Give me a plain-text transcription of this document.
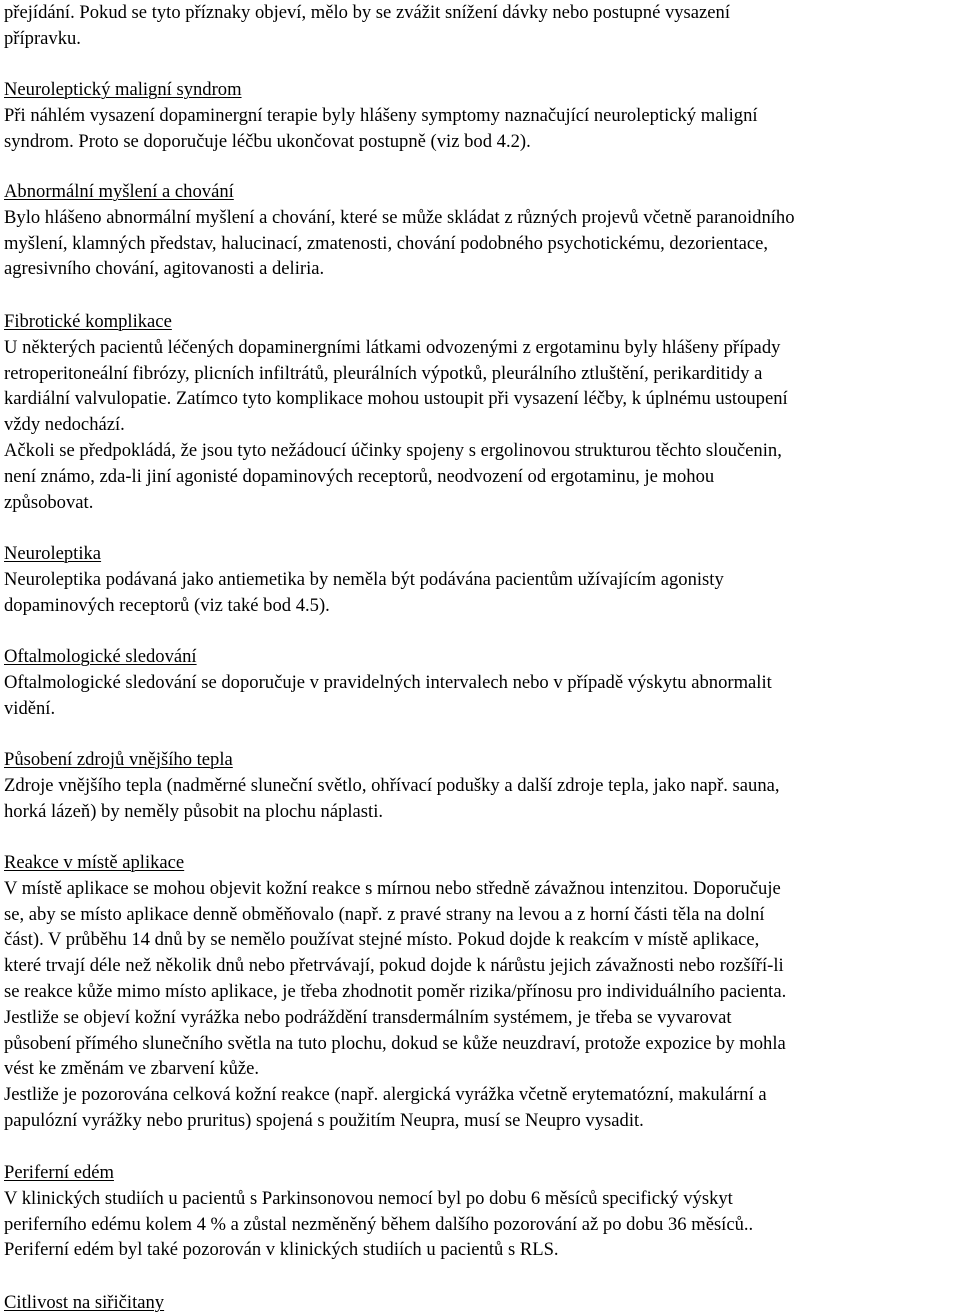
přejídání. Pokud se tyto příznaky objeví, mělo by se zvážit snížení dávky nebo postupné vysazení
přípravku.
Neuroleptický maligní syndrom
Při náhlém vysazení dopaminergní terapie byly hlášeny symptomy naznačující neuroleptický maligní
syndrom. Proto se doporučuje léčbu ukončovat postupně (viz bod 4.2).
Abnormální myšlení a chování
Bylo hlášeno abnormální myšlení a chování, které se může skládat z různých projevů včetně paranoidního
myšlení, klamných představ, halucinací, zmatenosti, chování podobného psychotickému, dezorientace,
agresivního chování, agitovanosti a deliria.
Fibrotické komplikace
U některých pacientů léčených dopaminergními látkami odvozenými z ergotaminu byly hlášeny případy
retroperitoneální fibrózy, plicních infiltrátů, pleurálních výpotků, pleurálního ztluštění, perikarditidy a
kardiální valvulopatie. Zatímco tyto komplikace mohou ustoupit při vysazení léčby, k úplnému ustoupení
vždy nedochází.
Ačkoli se předpokládá, že jsou tyto nežádoucí účinky spojeny s ergolinovou strukturou těchto sloučenin,
není známo, zda-li jiní agonisté dopaminových receptorů, neodvození od ergotaminu, je mohou
způsobovat.
Neuroleptika
Neuroleptika podávaná jako antiemetika by neměla být podávána pacientům užívajícím agonisty
dopaminových receptorů (viz také bod 4.5).
Oftalmologické sledování
Oftalmologické sledování se doporučuje v pravidelných intervalech nebo v případě výskytu abnormalit
vidění.
Působení zdrojů vnějšího tepla
Zdroje vnějšího tepla (nadměrné sluneční světlo, ohřívací podušky a další zdroje tepla, jako např. sauna,
horká lázeň) by neměly působit na plochu náplasti.
Reakce v místě aplikace
V místě aplikace se mohou objevit kožní reakce s mírnou nebo středně závažnou intenzitou. Doporučuje
se, aby se místo aplikace denně obměňovalo (např. z pravé strany na levou a z horní části těla na dolní
část). V průběhu 14 dnů by se nemělo používat stejné místo. Pokud dojde k reakcím v místě aplikace,
které trvají déle než několik dnů nebo přetrvávají, pokud dojde k nárůstu jejich závažnosti nebo rozšíří-li
se reakce kůže mimo místo aplikace, je třeba zhodnotit poměr rizika/přínosu pro individuálního pacienta.
Jestliže se objeví kožní vyrážka nebo podráždění transdermálním systémem, je třeba se vyvarovat
působení přímého slunečního světla na tuto plochu, dokud se kůže neuzdraví, protože expozice by mohla
vést ke změnám ve zbarvení kůže.
Jestliže je pozorována celková kožní reakce (např. alergická vyrážka včetně erytematózní, makulární a
papulózní vyrážky nebo pruritus) spojená s použitím Neupra, musí se Neupro vysadit.
Periferní edém
V klinických studiích u pacientů s Parkinsonovou nemocí byl po dobu 6 měsíců specifický výskyt
periferního edému kolem 4 % a zůstal nezměněný během dalšího pozorování až po dobu 36 měsíců..
Periferní edém byl také pozorován v klinických studiích u pacientů s RLS.
Citlivost na siřičitany
